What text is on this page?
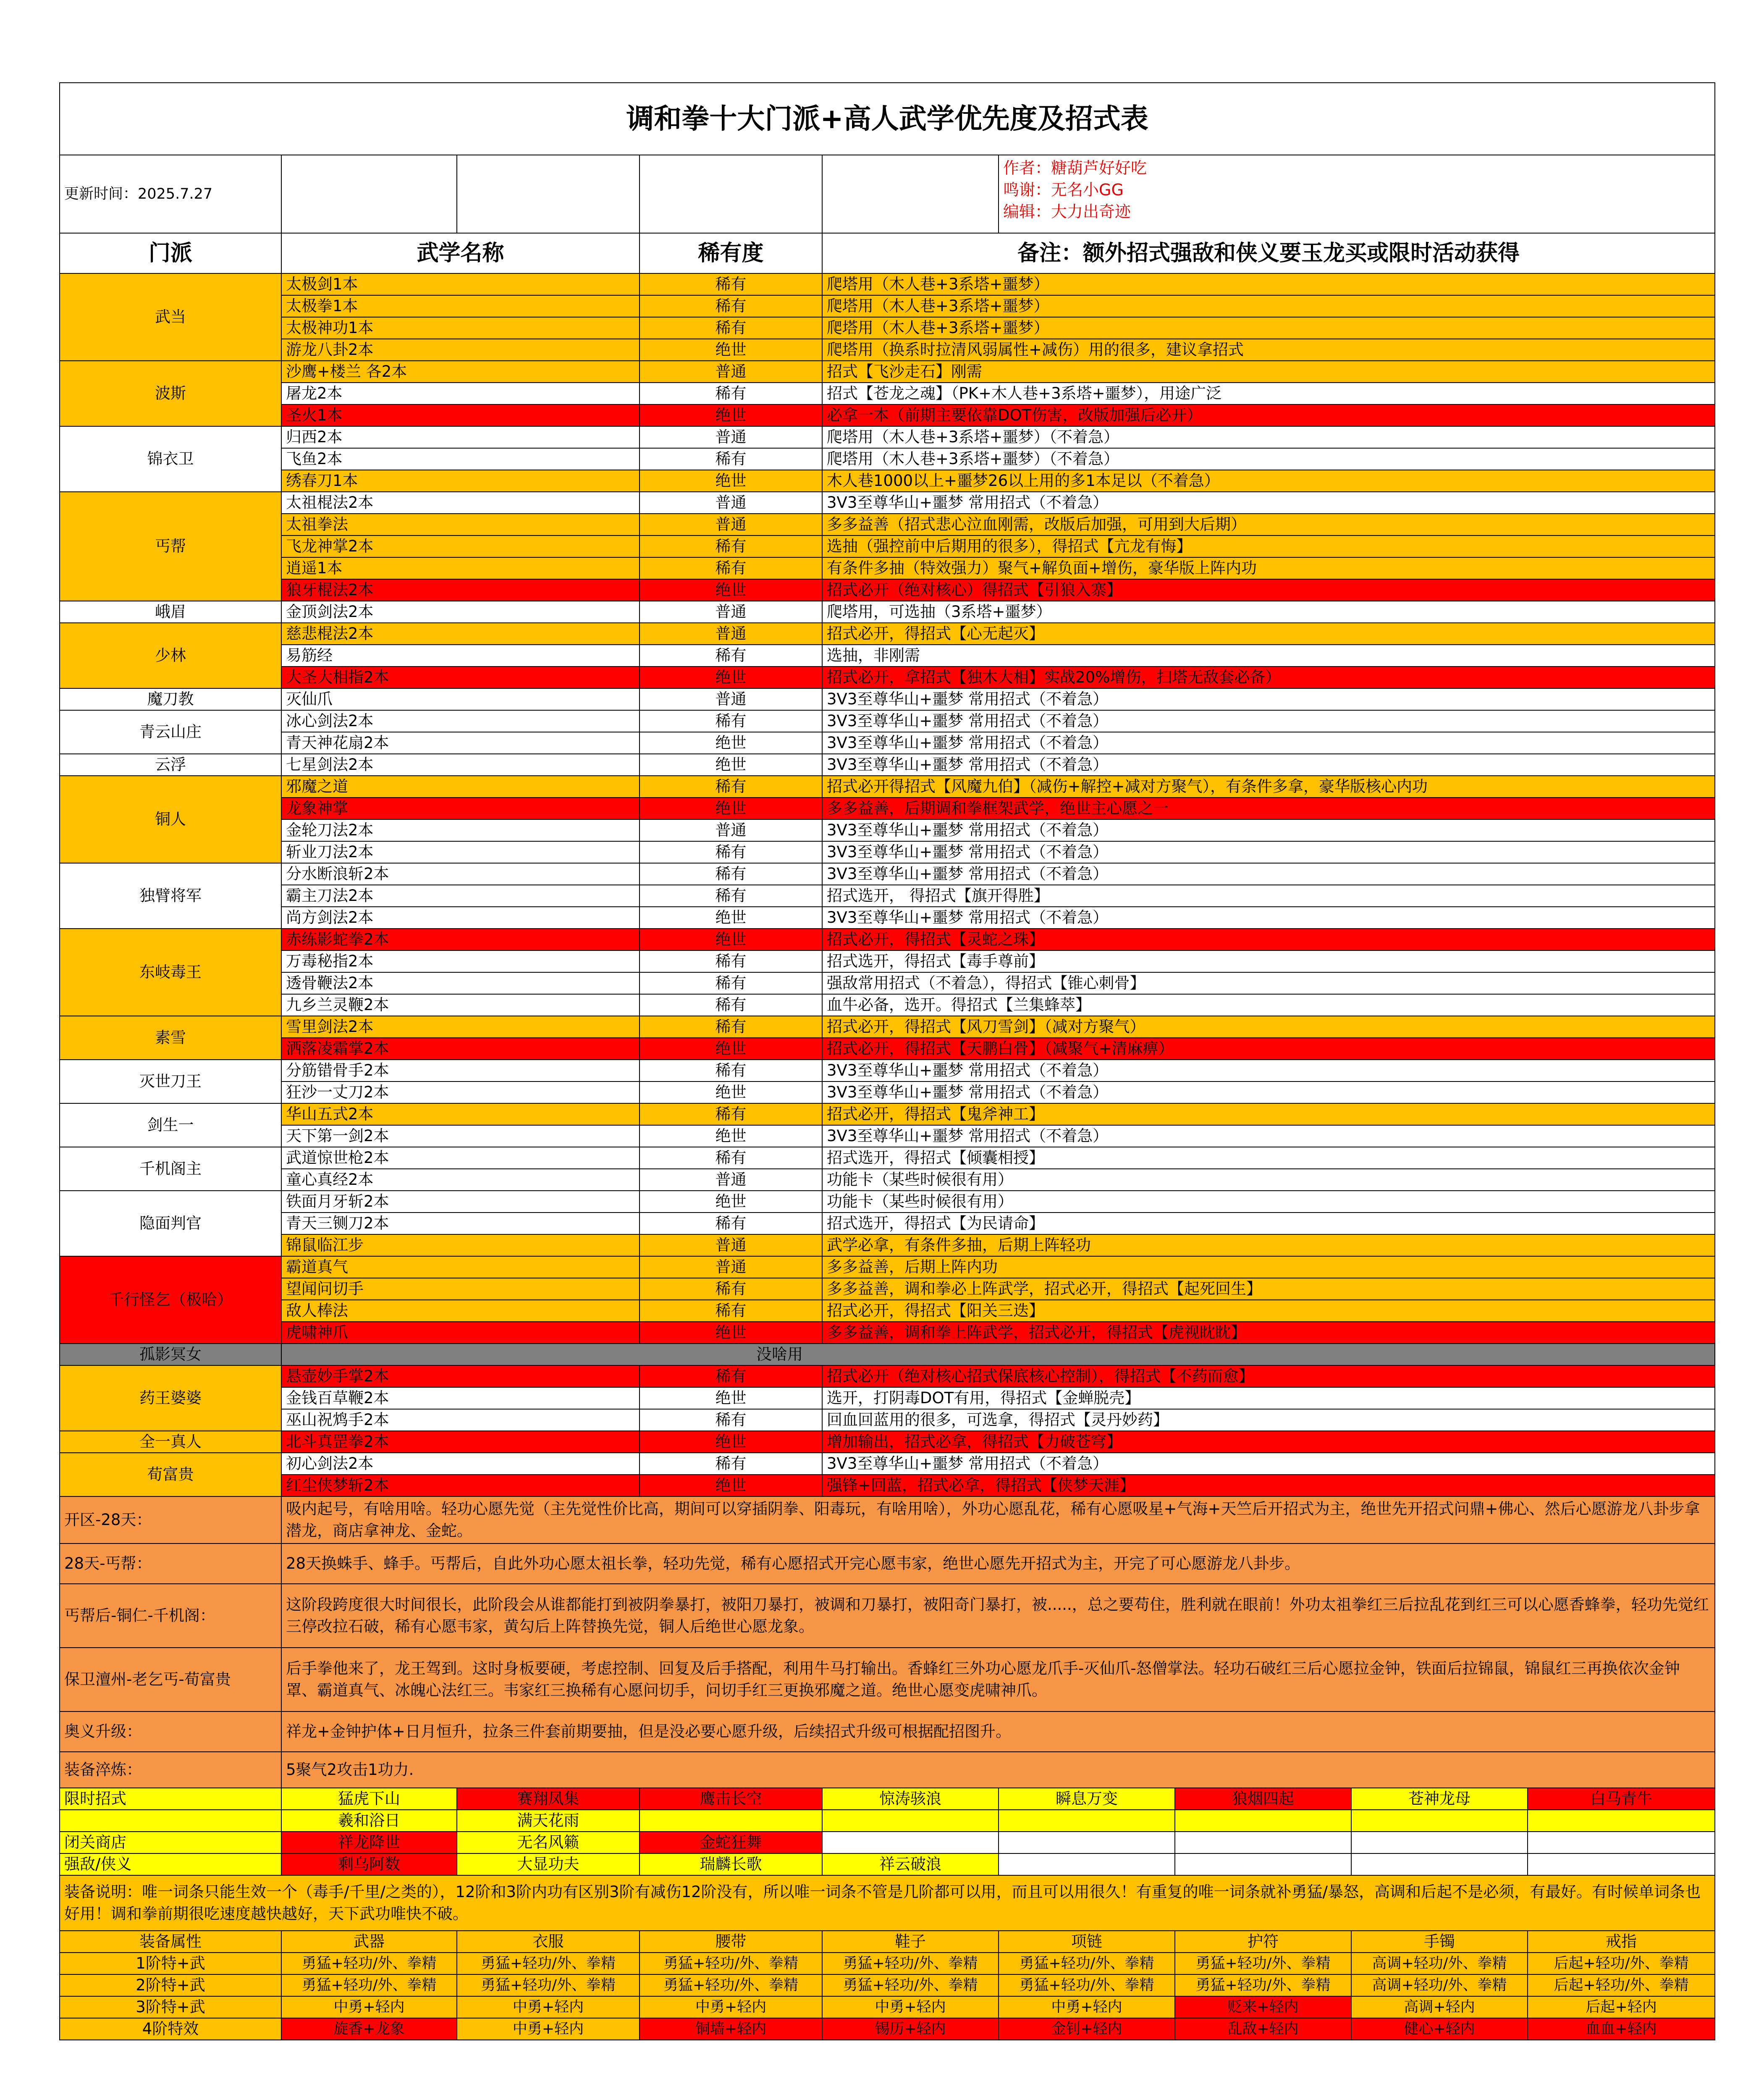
调和拳十大门派+高人武学优先度及招式表								
更新时间：2025.7.27					作者：糖葫芦好好吃
鸣谢：无名小GG
编辑：大力出奇迹			

门派	武学名称		稀有度	备注：额外招式强敌和侠义要玉龙买或限时活动获得				
武当	太极剑1本		稀有	爬塔用（木人巷+3系塔+噩梦）				
	太极拳1本		稀有	爬塔用（木人巷+3系塔+噩梦）				
	太极神功1本		稀有	爬塔用（木人巷+3系塔+噩梦）				
	游龙八卦2本		绝世	爬塔用（换系时拉清风弱属性+减伤）用的很多，建议拿招式				
波斯	沙鹰+楼兰 各2本		普通	招式【飞沙走石】刚需				
	屠龙2本		稀有	招式【苍龙之魂】（PK+木人巷+3系塔+噩梦），用途广泛				
	圣火1本		绝世	必拿一本（前期主要依靠DOT伤害，改版加强后必开）				
锦衣卫	归西2本		普通	爬塔用（木人巷+3系塔+噩梦）（不着急）				
	飞鱼2本		稀有	爬塔用（木人巷+3系塔+噩梦）（不着急）				
	绣春刀1本		绝世	木人巷1000以上+噩梦26以上用的多1本足以（不着急）				
丐帮	太祖棍法2本		普通	3V3至尊华山+噩梦 常用招式（不着急）				
	太祖拳法		普通	多多益善（招式悲心泣血刚需，改版后加强，可用到大后期）				
	飞龙神掌2本		稀有	选抽（强控前中后期用的很多），得招式【亢龙有悔】				
	逍遥1本		稀有	有条件多抽（特效强力）聚气+解负面+增伤，豪华版上阵内功				
	狼牙棍法2本		绝世	招式必开（绝对核心）得招式【引狼入寨】				
峨眉	金顶剑法2本		普通	爬塔用，可选抽（3系塔+噩梦）				
少林	慈悲棍法2本		普通	招式必开，得招式【心无起灭】				
	易筋经		稀有	选抽，非刚需				
	大圣大相指2本		绝世	招式必开，拿招式【独木大相】实战20%增伤，扫塔无敌套必备）				
魔刀教	灭仙爪		普通	3V3至尊华山+噩梦 常用招式（不着急）				
青云山庄	冰心剑法2本		稀有	3V3至尊华山+噩梦 常用招式（不着急）				
	青天神花扇2本		绝世	3V3至尊华山+噩梦 常用招式（不着急）				
云浮	七星剑法2本		绝世	3V3至尊华山+噩梦 常用招式（不着急）				
铜人	邪魔之道		稀有	招式必开得招式【风魔九伯】（减伤+解控+减对方聚气），有条件多拿，豪华版核心内功				
	龙象神掌		绝世	多多益善，后期调和拳框架武学，绝世主心愿之一				
	金轮刀法2本		普通	3V3至尊华山+噩梦 常用招式（不着急）				
	斩业刀法2本		稀有	3V3至尊华山+噩梦 常用招式（不着急）				
独臂将军	分水断浪斩2本		稀有	3V3至尊华山+噩梦 常用招式（不着急）				
	霸主刀法2本		稀有	招式选开， 得招式【旗开得胜】				
	尚方剑法2本		绝世	3V3至尊华山+噩梦 常用招式（不着急）				
东岐毒王	赤练影蛇拳2本		绝世	招式必开，得招式【灵蛇之珠】				
	万毒秘指2本		稀有	招式选开，得招式【毒手尊前】				
	透骨鞭法2本		稀有	强敌常用招式（不着急），得招式【锥心刺骨】				
	九乡兰灵鞭2本		稀有	血牛必备，选开。得招式【兰集蜂萃】				
素雪	雪里剑法2本		稀有	招式必开，得招式【风刀雪剑】（减对方聚气）				
	洒落凌霜掌2本		绝世	招式必开，得招式【天鹏白骨】（减聚气+清麻痹）				
灭世刀王	分筋错骨手2本		稀有	3V3至尊华山+噩梦 常用招式（不着急）				
	狂沙一丈刀2本		绝世	3V3至尊华山+噩梦 常用招式（不着急）				
剑生一	华山五式2本		稀有	招式必开，得招式【鬼斧神工】				
	天下第一剑2本		绝世	3V3至尊华山+噩梦 常用招式（不着急）				
千机阁主	武道惊世枪2本		稀有	招式选开，得招式【倾囊相授】				
	童心真经2本		普通	功能卡（某些时候很有用）				
隐面判官	铁面月牙斩2本		绝世	功能卡（某些时候很有用）				
	青天三铡刀2本		稀有	招式选开，得招式【为民请命】				
	锦鼠临江步		普通	武学必拿，有条件多抽，后期上阵轻功				
千行怪乞（极哈）	霸道真气		普通	多多益善，后期上阵内功				
	望闻问切手		稀有	多多益善，调和拳必上阵武学，招式必开，得招式【起死回生】				
	敌人棒法		稀有	招式必开，得招式【阳关三迭】				
	虎啸神爪		绝世	多多益善，调和拳上阵武学，招式必开，得招式【虎视眈眈】				
孤影冥女	没啥用							
药王婆婆	悬壶妙手掌2本		稀有	招式必开（绝对核心招式保底核心控制），得招式【不药而愈】				
	金钱百草鞭2本		绝世	选开，打阴毒DOT有用，得招式【金蝉脱壳】				
	巫山祝鸩手2本		稀有	回血回蓝用的很多，可选拿，得招式【灵丹妙药】				
全一真人	北斗真罡拳2本		绝世	增加输出，招式必拿，得招式【力破苍穹】				
荀富贵	初心剑法2本		稀有	3V3至尊华山+噩梦 常用招式（不着急）				
	红尘侠梦斩2本		绝世	强锋+回蓝，招式必拿，得招式【侠梦天涯】				
开区-28天：	吸内起号，有啥用啥。轻功心愿先觉（主先觉性价比高，期间可以穿插阴拳、阳毒玩，有啥用啥），外功心愿乱花，稀有心愿吸星+气海+天竺后开招式为主，绝世先开招式问鼎+佛心、然后心愿游龙八卦步拿潜龙，商店拿神龙、金蛇。							
28天-丐帮：	28天换蛛手、蜂手。丐帮后，自此外功心愿太祖长拳，轻功先觉，稀有心愿招式开完心愿韦家，绝世心愿先开招式为主，开完了可心愿游龙八卦步。							
丐帮后-铜仁-千机阁：	这阶段跨度很大时间很长，此阶段会从谁都能打到被阴拳暴打，被阳刀暴打，被调和刀暴打，被阳奇门暴打，被.....，总之要苟住，胜利就在眼前！外功太祖拳红三后拉乱花到红三可以心愿香蜂拳，轻功先觉红三停改拉石破，稀有心愿韦家，黄勾后上阵替换先觉，铜人后绝世心愿龙象。							
保卫澶州-老乞丐-荀富贵	后手拳他来了，龙王驾到。这时身板要硬，考虑控制、回复及后手搭配，利用牛马打输出。香蜂红三外功心愿龙爪手-灭仙爪-怒僧掌法。轻功石破红三后心愿拉金钟，铁面后拉锦鼠，锦鼠红三再换依次金钟罩、霸道真气、冰魄心法红三。韦家红三换稀有心愿问切手，问切手红三更换邪魔之道。绝世心愿变虎啸神爪。							
奥义升级：	祥龙+金钟护体+日月恒升，拉条三件套前期要抽，但是没必要心愿升级，后续招式升级可根据配招图升。							
装备淬炼：	5聚气2攻击1功力.							
限时招式	猛虎下山	赛翔凤集	鹰击长空	惊涛骇浪	瞬息万变	狼烟四起	苍神龙母	白马青牛
	羲和浴日	满天花雨						
闭关商店	祥龙降世	无名风籁	金蛇狂舞					
强敌/侠义	剩乌阿数	大显功夫	瑞麟长歌	祥云破浪				
装备说明：唯一词条只能生效一个（毒手/千里/之类的），12阶和3阶内功有区别3阶有减伤12阶没有，所以唯一词条不管是几阶都可以用，而且可以用很久！有重复的唯一词条就补勇猛/暴怒，高调和后起不是必须，有最好。有时候单词条也好用！调和拳前期很吃速度越快越好，天下武功唯快不破。								
装备属性	武器	衣服	腰带	鞋子	项链	护符	手镯	戒指
1阶特+武	勇猛+轻功/外、拳精	勇猛+轻功/外、拳精	勇猛+轻功/外、拳精	勇猛+轻功/外、拳精	勇猛+轻功/外、拳精	勇猛+轻功/外、拳精	高调+轻功/外、拳精	后起+轻功/外、拳精
2阶特+武	勇猛+轻功/外、拳精	勇猛+轻功/外、拳精	勇猛+轻功/外、拳精	勇猛+轻功/外、拳精	勇猛+轻功/外、拳精	勇猛+轻功/外、拳精	高调+轻功/外、拳精	后起+轻功/外、拳精
3阶特+武	中勇+轻内	中勇+轻内	中勇+轻内	中勇+轻内	中勇+轻内	贬来+轻内	高调+轻内	后起+轻内
4阶特效	旋香+龙象	中勇+轻内	铜墙+轻内	锡历+轻内	金钊+轻内	乱敌+轻内	健心+轻内	血血+轻内
